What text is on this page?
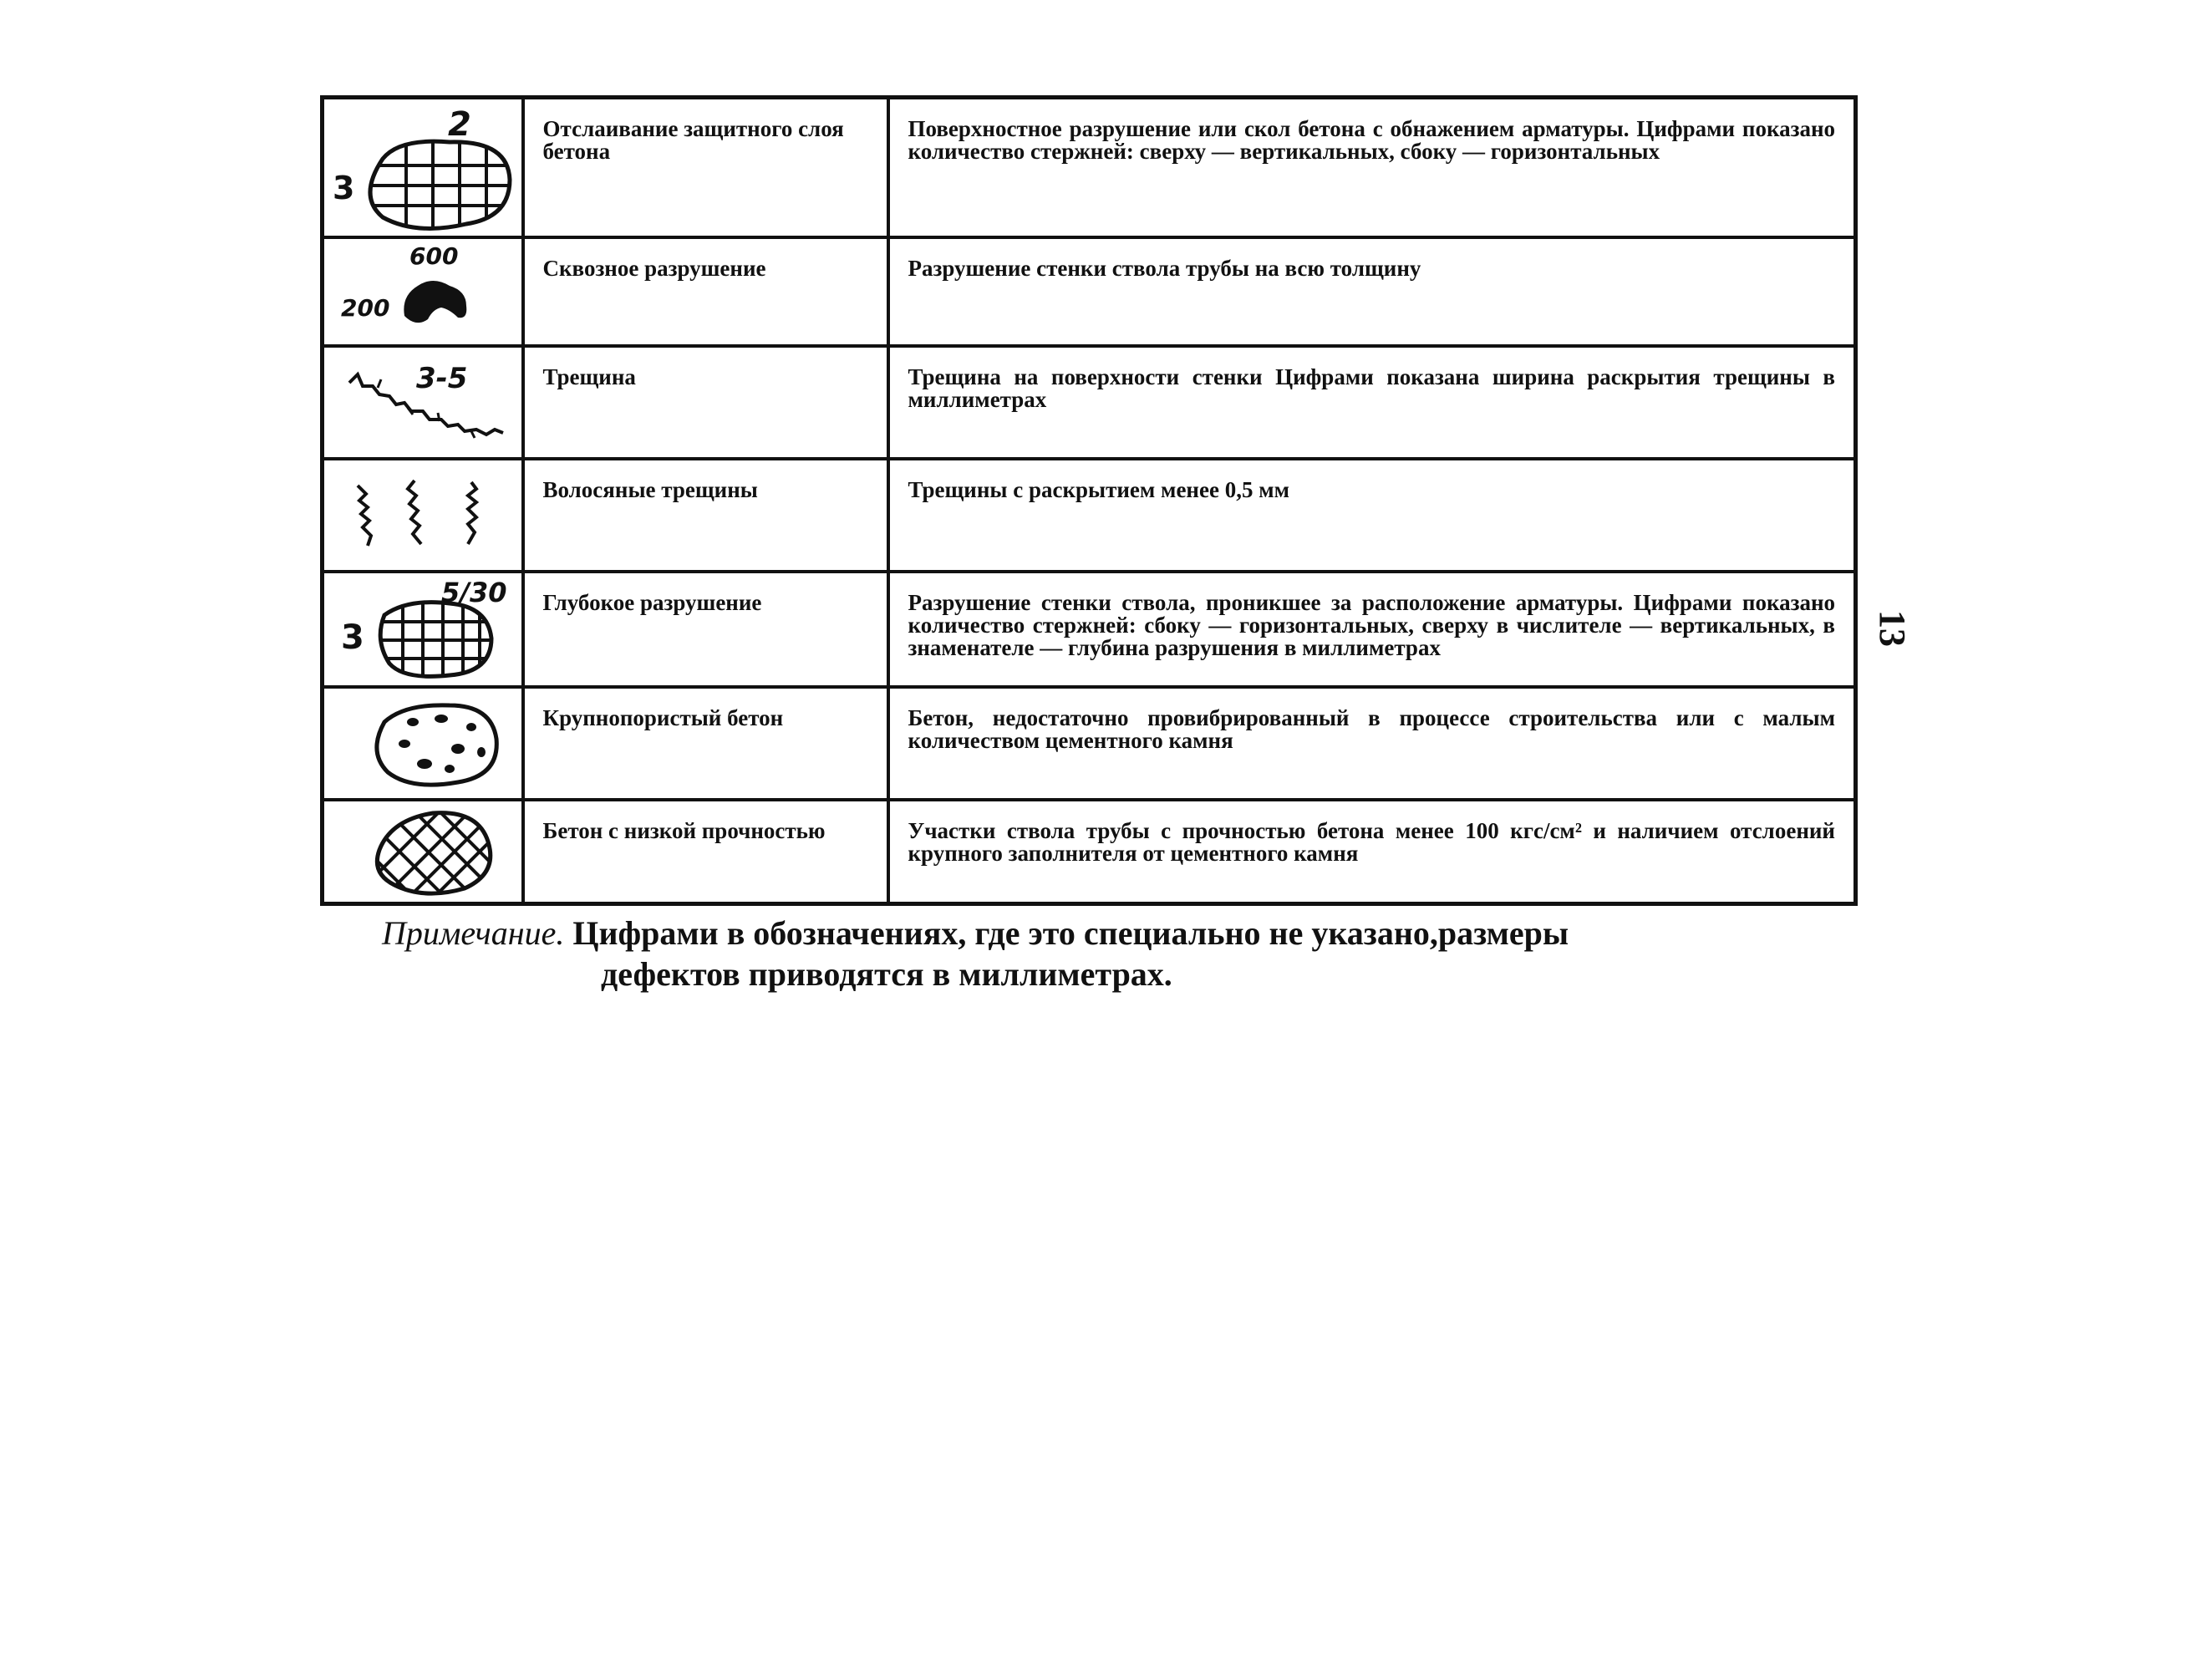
2
3	Отслаивание защитного слоя бетона	Поверхностное разрушение или скол бетона с обнажением арматуры. Цифрами показано количество стержней: сверху — вертикальных, сбоку — горизонтальных

600
200	Сквозное разрушение	Разрушение стенки ствола трубы на всю толщину

3-5	Трещина	Трещина на поверхности стенки Цифрами показана ширина раскрытия трещины в миллиметрах

	Волосяные трещины	Трещины с раскрытием менее 0,5 мм

5/30
3	Глубокое разрушение	Разрушение стенки ствола, проникшее за расположение арматуры. Цифрами показано количество стержней: сбоку — горизонтальных, сверху в числителе — вертикальных, в знаменателе — глубина разрушения в миллиметрах

	Крупнопористый бетон	Бетон, недостаточно провибрированный в процессе строительства или с малым количеством цементного камня

	Бетон с низкой прочностью	Участки ствола трубы с прочностью бетона менее 100 кгс/см² и наличием отслоений крупного заполнителя от цементного камня
Примечание. Цифрами в обозначениях, где это специально не указано,размеры
дефектов приводятся в миллиметрах.
13
